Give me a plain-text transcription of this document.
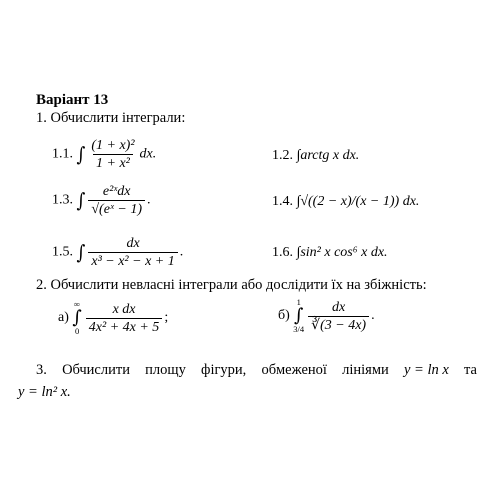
Варіант 13
1. Обчислити інтеграли:
1.1. ∫ $\frac{\text{(1 + x)²}}{\text{1 + x²}}$ dx.	1.2. ∫arctg x dx.
1.3. ∫ $\frac{\text{e²ˣdx}}{\text{√(eˣ − 1)}}$ .	1.4. ∫√((2 − x)/(x − 1)) dx.
1.5. ∫ $\frac{dx}{\text{x³ − x² − x + 1}}$ .	1.6. ∫sin² x cos⁶ x dx.
2. Обчислити невласні інтеграли або дослідити їх на збіжність:
а)
∞
∫
$0 \frac{\text{x dx}}{\text{4x² + 4x + 5}}$ ;	б)
1
∫
$3/4 \frac{dx}{∛(3 - 4x)}$ .
3. Обчислити площу фігури, обмеженої лініями y = ln x та
y = ln² x.
